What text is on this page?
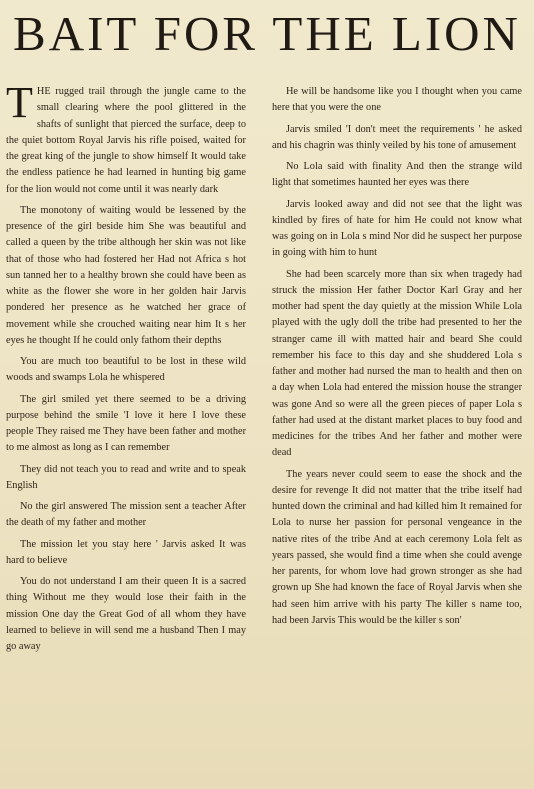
BAIT FOR THE LION

THE rugged trail through the jungle came to the small clearing where the pool glittered in the shafts of sunlight that pierced the surface, deep to the quiet bottom Royal Jarvis his rifle poised, waited for the great king of the jungle to show himself It would take the endless patience he had learned in hunting big game for the lion would not come until it was nearly dark

The monotony of waiting would be lessened by the presence of the girl beside him She was beautiful and called a queen by the tribe although her skin was not like that of those who had fostered her Had not Africa s hot sun tanned her to a healthy brown she could have been as white as the flower she wore in her golden hair Jarvis pondered her presence as he watched her grace of movement while she crouched waiting near him It s her eyes he thought If he could only fathom their depths

You are much too beautiful to be lost in these wild woods and swamps Lola he whispered

The girl smiled yet there seemed to be a driving purpose behind the smile 'I love it here I love these people They raised me They have been father and mother to me almost as long as I can remember

They did not teach you to read and write and to speak English

No the girl answered The mission sent a teacher After the death of my father and mother

The mission let you stay here ' Jarvis asked It was hard to believe

You do not understand I am their queen It is a sacred thing Without me they would lose their faith in the mission One day the Great God of all whom they have learned to believe in will send me a husband Then I may go away

He will be handsome like you I thought when you came here that you were the one

Jarvis smiled 'I don't meet the requirements ' he asked and his chagrin was thinly veiled by his tone of amusement

No Lola said with finality And then the strange wild light that sometimes haunted her eyes was there

Jarvis looked away and did not see that the light was kindled by fires of hate for him He could not know what was going on in Lola s mind Nor did he suspect her purpose in going with him to hunt

She had been scarcely more than six when tragedy had struck the mission Her father Doctor Karl Gray and her mother had spent the day quietly at the mission While Lola played with the ugly doll the tribe had presented to her the stranger came ill with matted hair and beard She could remember his face to this day and she shuddered Lola s father and mother had nursed the man to health and then on a day when Lola had entered the mission house the stranger was gone And so were all the green pieces of paper Lola s father had used at the distant market places to buy food and medicines for the tribes And her father and mother were dead

The years never could seem to ease the shock and the desire for revenge It did not matter that the tribe itself had hunted down the criminal and had killed him It remained for Lola to nurse her passion for personal vengeance in the native rites of the tribe And at each ceremony Lola felt as years passed, she would find a time when she could avenge her parents, for whom love had grown stronger as she had grown up She had known the face of Royal Jarvis when she had seen him arrive with his party The killer s name too, had been Jarvis This would be the killer s son'
